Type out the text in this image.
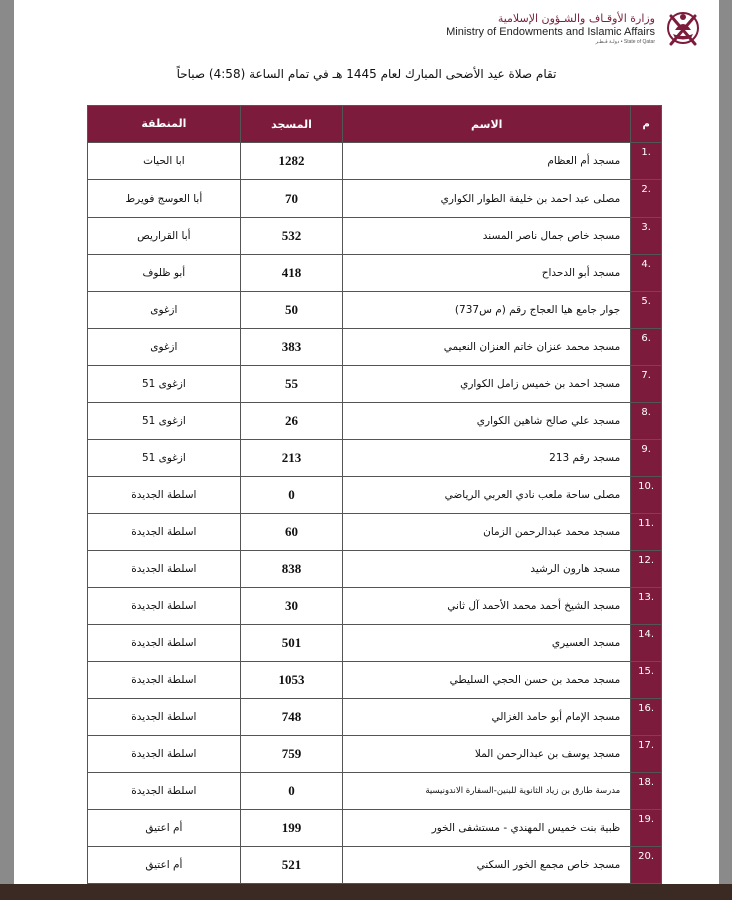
وزارة الأوقـاف والشـؤون الإسلامية
Ministry of Endowments and Islamic Affairs
State of Qatar • دولـة قـطـر
تقام صلاة عيد الأضحى المبارك لعام 1445 هـ في تمام الساعة (4:58) صباحاً
م	الاسم	المسجد	المنطقة
.1	مسجد أم العظام	1282	ابا الحيات
.2	مصلى عبد احمد بن خليفة الطوار الكواري	70	أبا العوسج فويرط
.3	مسجد خاص جمال ناصر المسند	532	أبا القراريص
.4	مسجد أبو الدحداح	418	أبو ظلوف
.5	جوار جامع هيا العجاج رقم (م س737)	50	ازغوى
.6	مسجد محمد عنزان خاتم العنزان النعيمي	383	ازغوى
.7	مسجد احمد بن خميس زامل الكواري	55	ازغوى 51
.8	مسجد علي صالح شاهين الكواري	26	ازغوى 51
.9	مسجد رقم 213	213	ازغوى 51
.10	مصلى ساحة ملعب نادي العربي الرياضي	0	اسلطة الجديدة
.11	مسجد محمد عبدالرحمن الزمان	60	اسلطة الجديدة
.12	مسجد هارون الرشيد	838	اسلطة الجديدة
.13	مسجد الشيخ أحمد محمد الأحمد آل ثاني	30	اسلطة الجديدة
.14	مسجد العسيري	501	اسلطة الجديدة
.15	مسجد محمد بن حسن الحجي السليطي	1053	اسلطة الجديدة
.16	مسجد الإمام أبو حامد الغزالي	748	اسلطة الجديدة
.17	مسجد يوسف بن عبدالرحمن الملا	759	اسلطة الجديدة
.18	مدرسة طارق بن زياد الثانوية للبنين-السفارة الاندونيسية	0	اسلطة الجديدة
.19	ظبية بنت خميس المهندي - مستشفى الخور	199	أم اعتيق
.20	مسجد خاص مجمع الخور السكني	521	أم اعتيق
